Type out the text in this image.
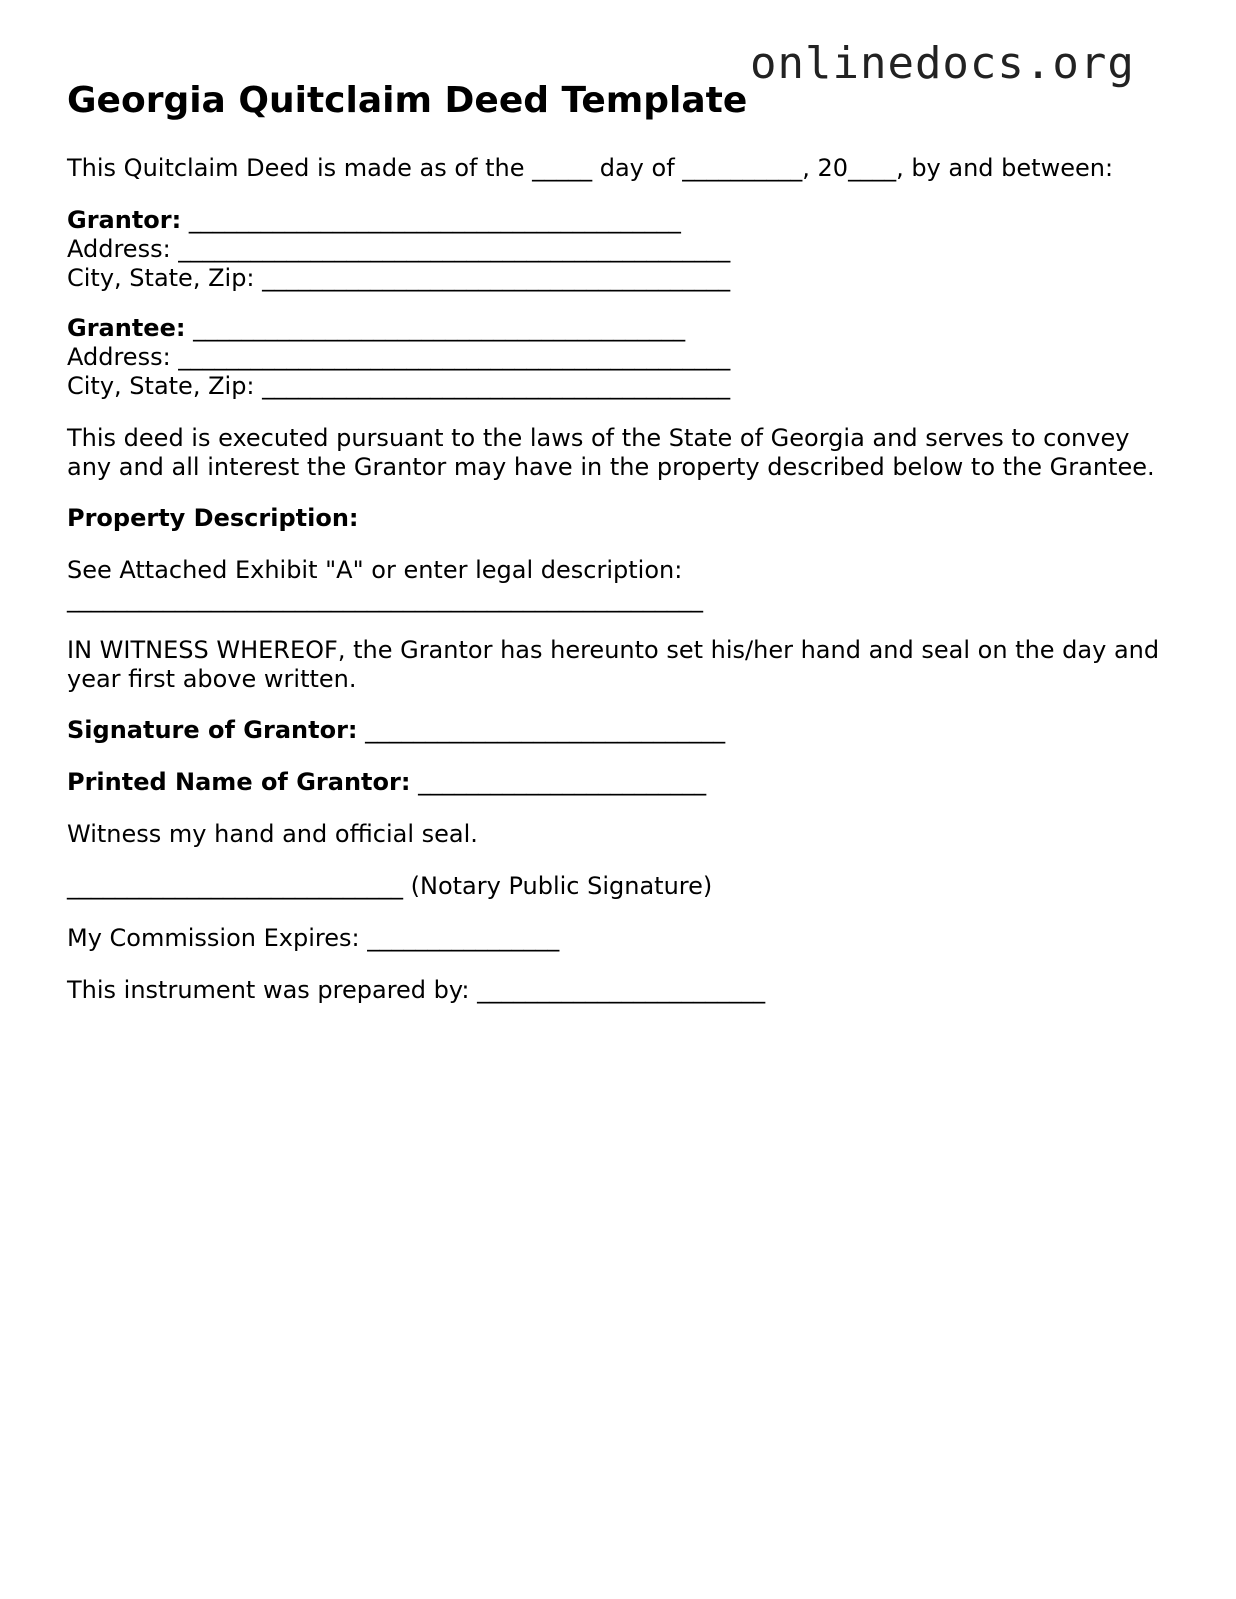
onlinedocs.org
Georgia Quitclaim Deed Template
This Quitclaim Deed is made as of the _____ day of __________, 20____, by and between:
Grantor: _________________________________________
Address: ______________________________________________
City, State, Zip: _______________________________________
Grantee: _________________________________________
Address: ______________________________________________
City, State, Zip: _______________________________________
This deed is executed pursuant to the laws of the State of Georgia and serves to convey any and all interest the Grantor may have in the property described below to the Grantee.
Property Description:
See Attached Exhibit "A" or enter legal description:
_____________________________________________________
IN WITNESS WHEREOF, the Grantor has hereunto set his/her hand and seal on the day and year first above written.
Signature of Grantor: ______________________________
Printed Name of Grantor: ________________________
Witness my hand and official seal.
____________________________ (Notary Public Signature)
My Commission Expires: ________________
This instrument was prepared by: ________________________
